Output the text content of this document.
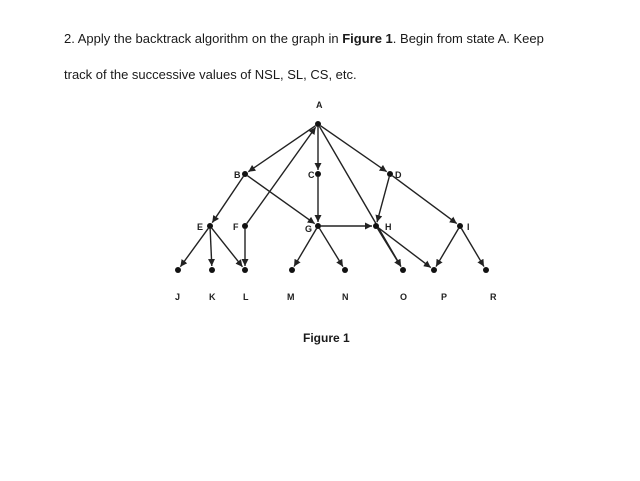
2. Apply the backtrack algorithm on the graph in Figure 1. Begin from state A. Keep
track of the successive values of NSL, SL, CS, etc.
A
B	C	D
E	F	G	H	I
J	K	L	M	N	O	P	R
Figure 1
